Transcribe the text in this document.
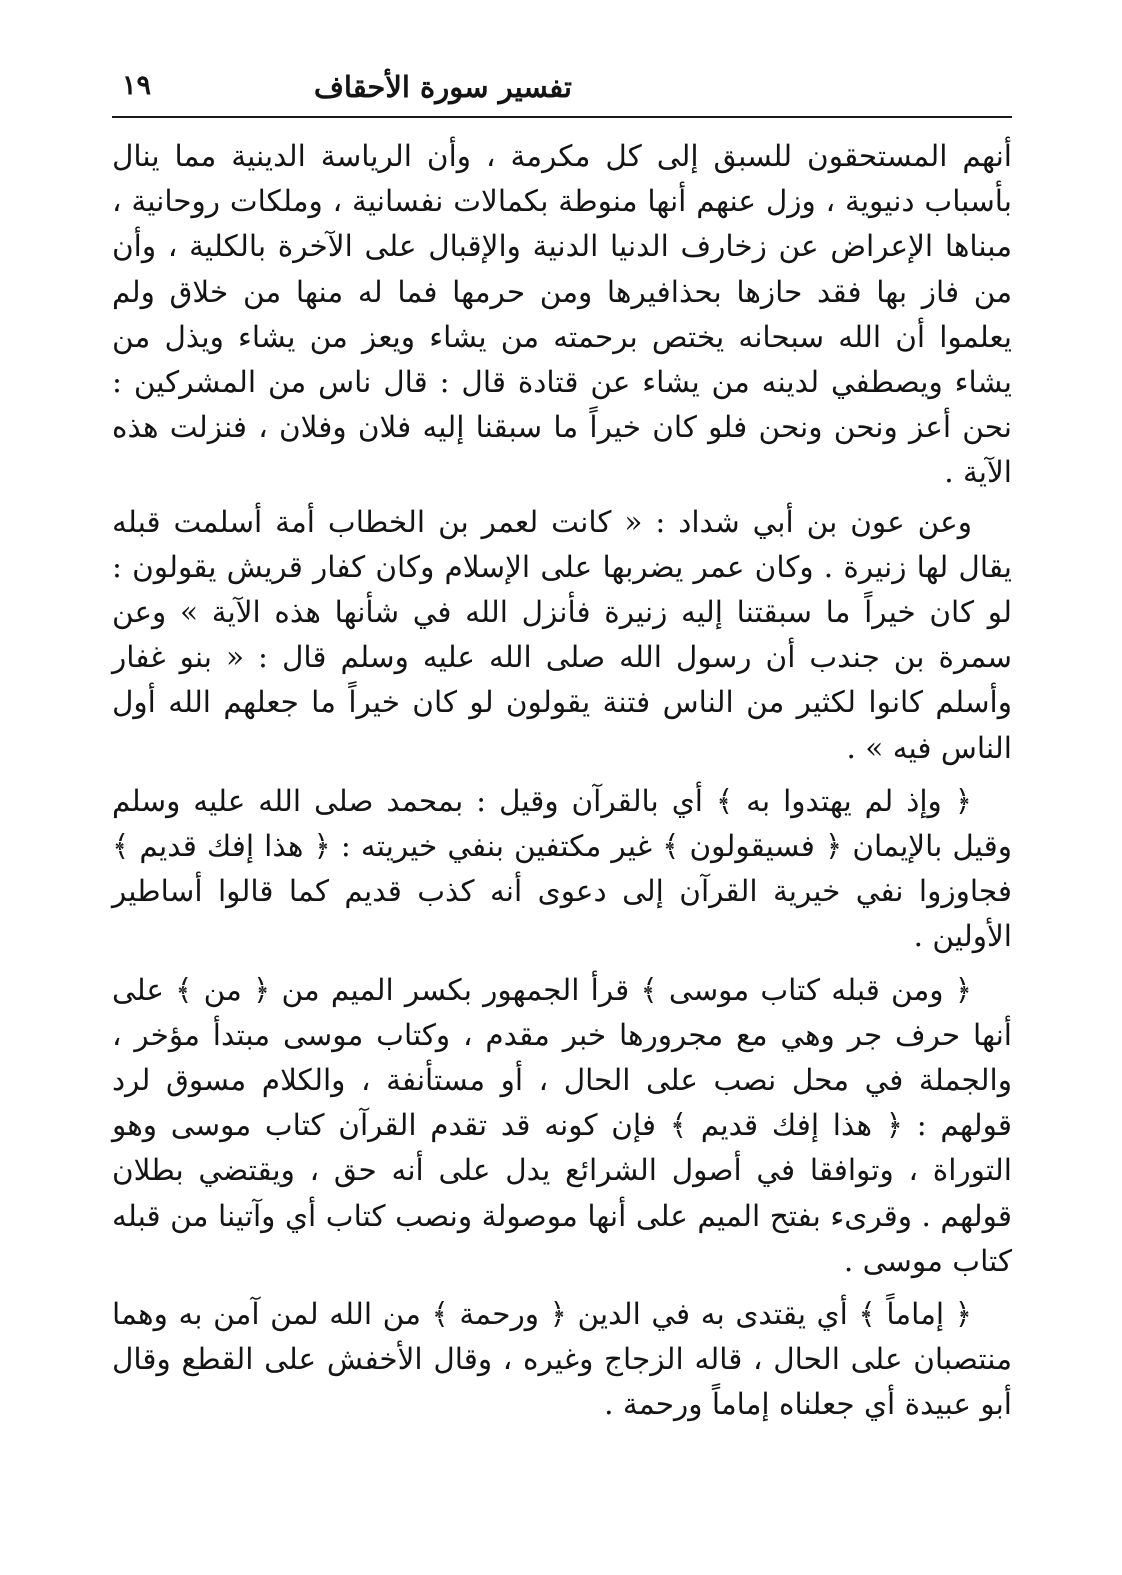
تفسير سورة الأحقاف
١٩

أنهم المستحقون للسبق إلى كل مكرمة ، وأن الرياسة الدينية مما ينال بأسباب دنيوية ، وزل عنهم أنها منوطة بكمالات نفسانية ، وملكات روحانية ، مبناها الإعراض عن زخارف الدنيا الدنية والإقبال على الآخرة بالكلية ، وأن من فاز بها فقد حازها بحذافيرها ومن حرمها فما له منها من خلاق ولم يعلموا أن الله سبحانه يختص برحمته من يشاء ويعز من يشاء ويذل من يشاء ويصطفي لدينه من يشاء عن قتادة قال : قال ناس من المشركين : نحن أعز ونحن ونحن فلو كان خيراً ما سبقنا إليه فلان وفلان ، فنزلت هذه الآية .

وعن عون بن أبي شداد : « كانت لعمر بن الخطاب أمة أسلمت قبله يقال لها زنيرة . وكان عمر يضربها على الإسلام وكان كفار قريش يقولون : لو كان خيراً ما سبقتنا إليه زنيرة فأنزل الله في شأنها هذه الآية » وعن سمرة بن جندب أن رسول الله صلى الله عليه وسلم قال : « بنو غفار وأسلم كانوا لكثير من الناس فتنة يقولون لو كان خيراً ما جعلهم الله أول الناس فيه » .

﴿ وإذ لم يهتدوا به ﴾ أي بالقرآن وقيل : بمحمد صلى الله عليه وسلم وقيل بالإيمان ﴿ فسيقولون ﴾ غير مكتفين بنفي خيريته : ﴿ هذا إفك قديم ﴾ فجاوزوا نفي خيرية القرآن إلى دعوى أنه كذب قديم كما قالوا أساطير الأولين .

﴿ ومن قبله كتاب موسى ﴾ قرأ الجمهور بكسر الميم من ﴿ من ﴾ على أنها حرف جر وهي مع مجرورها خبر مقدم ، وكتاب موسى مبتدأ مؤخر ، والجملة في محل نصب على الحال ، أو مستأنفة ، والكلام مسوق لرد قولهم : ﴿ هذا إفك قديم ﴾ فإن كونه قد تقدم القرآن كتاب موسى وهو التوراة ، وتوافقا في أصول الشرائع يدل على أنه حق ، ويقتضي بطلان قولهم . وقرىء بفتح الميم على أنها موصولة ونصب كتاب أي وآتينا من قبله كتاب موسى .

﴿ إماماً ﴾ أي يقتدى به في الدين ﴿ ورحمة ﴾ من الله لمن آمن به وهما منتصبان على الحال ، قاله الزجاج وغيره ، وقال الأخفش على القطع وقال أبو عبيدة أي جعلناه إماماً ورحمة .
